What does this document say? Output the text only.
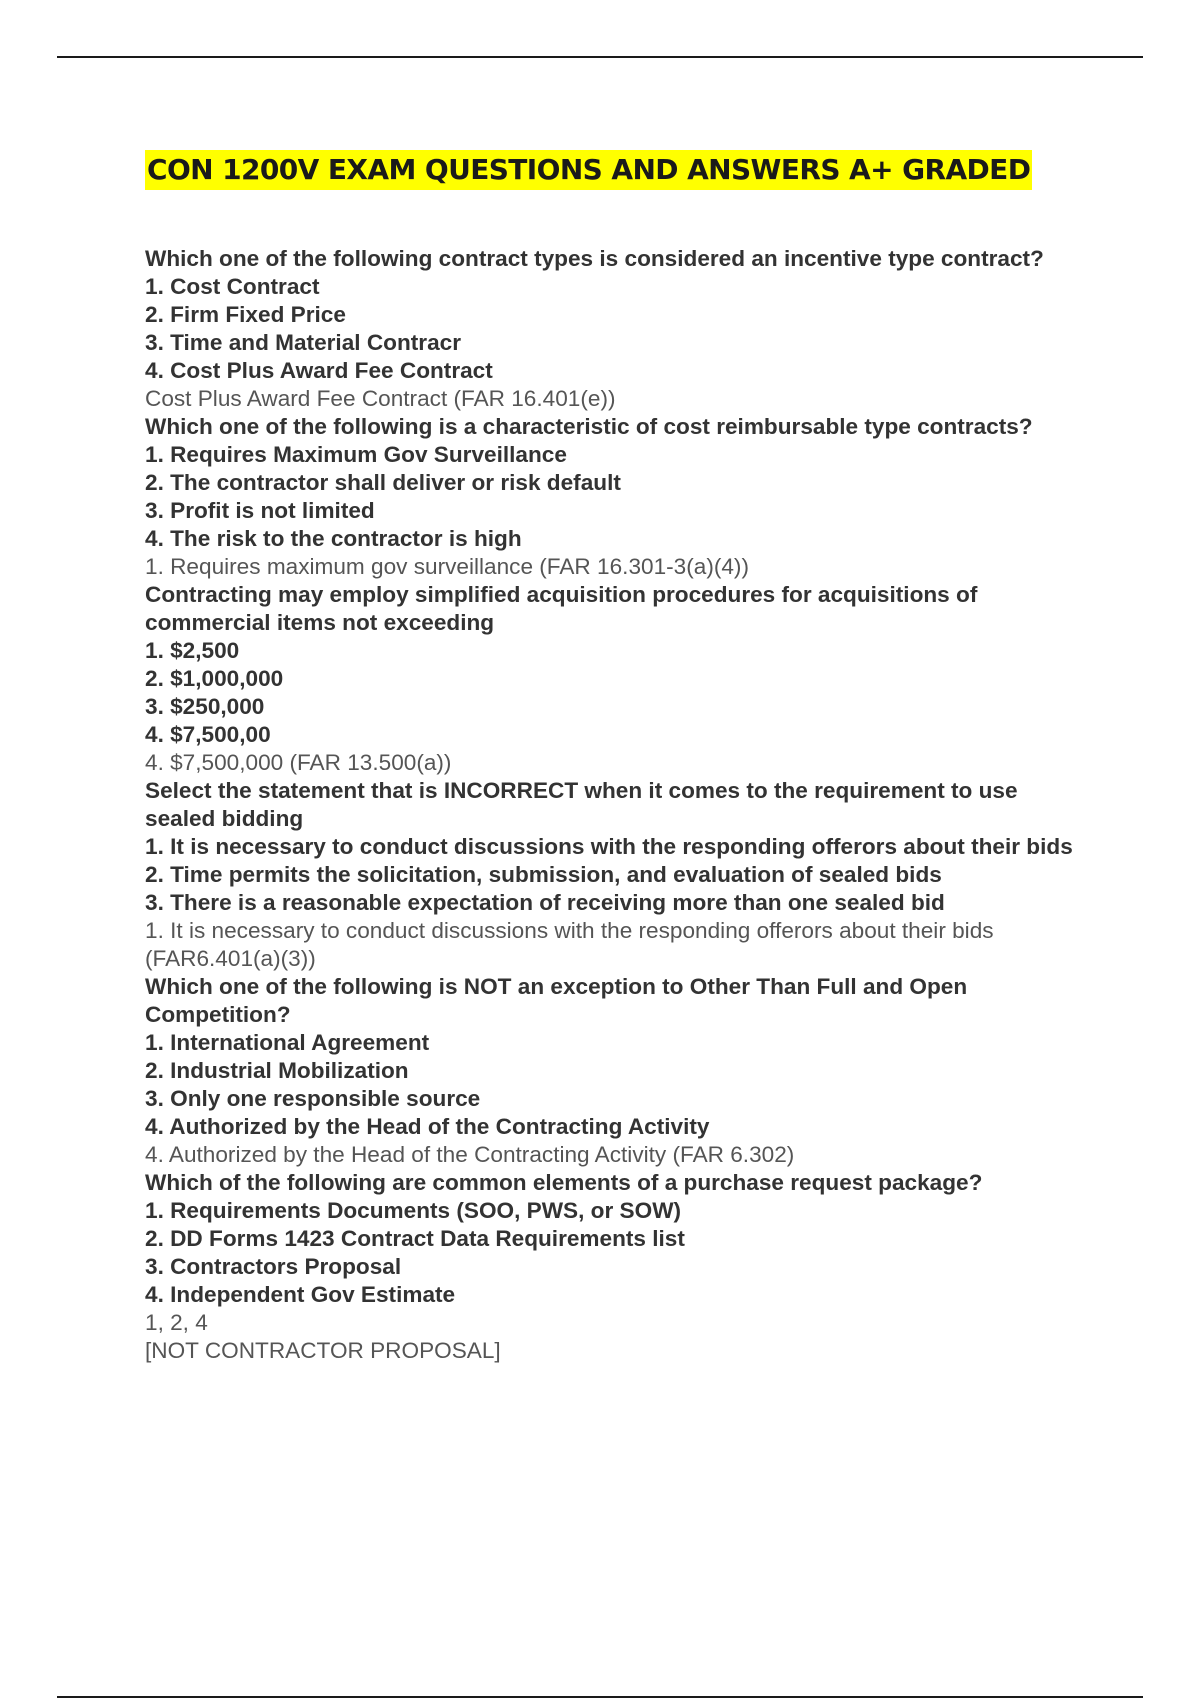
CON 1200V EXAM QUESTIONS AND ANSWERS A+ GRADED

Which one of the following contract types is considered an incentive type contract?

1. Cost Contract

2. Firm Fixed Price

3. Time and Material Contracr

4. Cost Plus Award Fee Contract

Cost Plus Award Fee Contract (FAR 16.401(e))

Which one of the following is a characteristic of cost reimbursable type contracts?

1. Requires Maximum Gov Surveillance

2. The contractor shall deliver or risk default

3. Profit is not limited

4. The risk to the contractor is high

1. Requires maximum gov surveillance (FAR 16.301-3(a)(4))

Contracting may employ simplified acquisition procedures for acquisitions of commercial items not exceeding

1. $2,500

2. $1,000,000

3. $250,000

4. $7,500,00

4. $7,500,000 (FAR 13.500(a))

Select the statement that is INCORRECT when it comes to the requirement to use sealed bidding

1. It is necessary to conduct discussions with the responding offerors about their bids

2. Time permits the solicitation, submission, and evaluation of sealed bids

3. There is a reasonable expectation of receiving more than one sealed bid

1. It is necessary to conduct discussions with the responding offerors about their bids (FAR6.401(a)(3))

Which one of the following is NOT an exception to Other Than Full and Open Competition?

1. International Agreement

2. Industrial Mobilization

3. Only one responsible source

4. Authorized by the Head of the Contracting Activity

4. Authorized by the Head of the Contracting Activity (FAR 6.302)

Which of the following are common elements of a purchase request package?

1. Requirements Documents (SOO, PWS, or SOW)

2. DD Forms 1423 Contract Data Requirements list

3. Contractors Proposal

4. Independent Gov Estimate

1, 2, 4

[NOT CONTRACTOR PROPOSAL]
